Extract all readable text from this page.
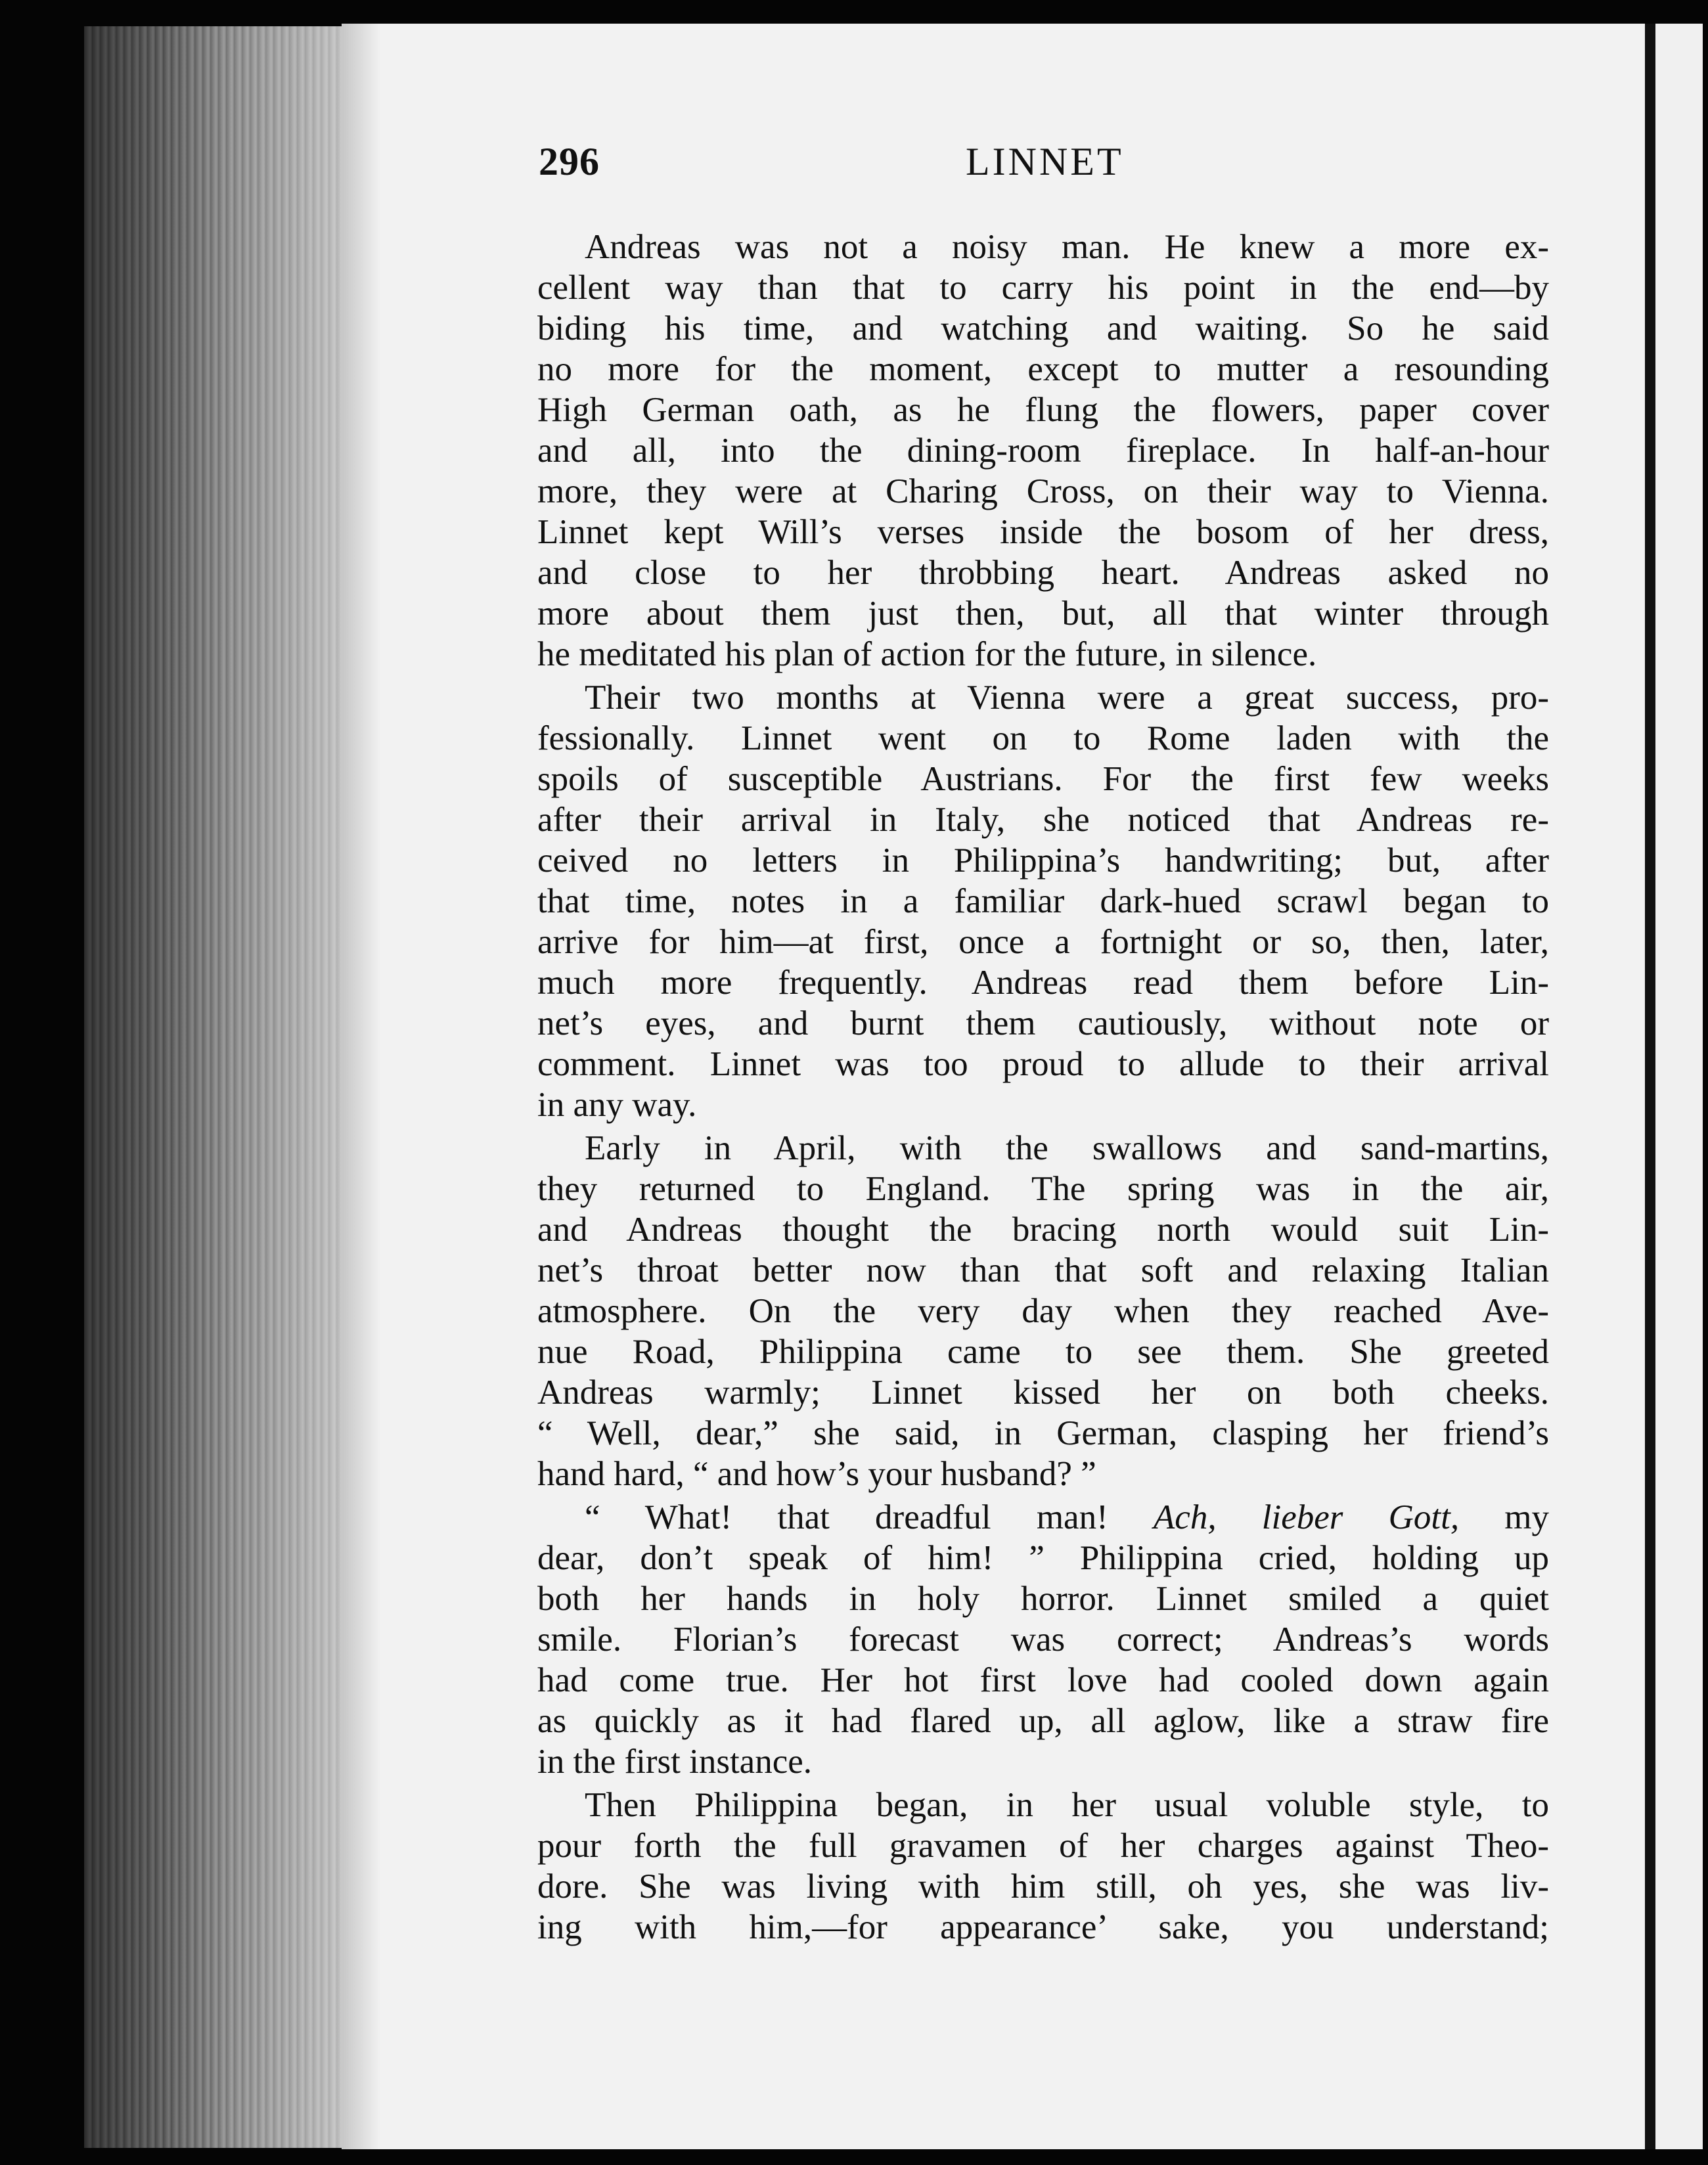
296	LINNET
Andreas was not a noisy man. He knew a more ex-
cellent way than that to carry his point in the end—by
biding his time, and watching and waiting. So he said
no more for the moment, except to mutter a resounding
High German oath, as he flung the flowers, paper cover
and all, into the dining-room fireplace. In half-an-hour
more, they were at Charing Cross, on their way to Vienna.
Linnet kept Will’s verses inside the bosom of her dress,
and close to her throbbing heart. Andreas asked no
more about them just then, but, all that winter through
he meditated his plan of action for the future, in silence.
Their two months at Vienna were a great success, pro-
fessionally. Linnet went on to Rome laden with the
spoils of susceptible Austrians. For the first few weeks
after their arrival in Italy, she noticed that Andreas re-
ceived no letters in Philippina’s handwriting; but, after
that time, notes in a familiar dark-hued scrawl began to
arrive for him—at first, once a fortnight or so, then, later,
much more frequently. Andreas read them before Lin-
net’s eyes, and burnt them cautiously, without note or
comment. Linnet was too proud to allude to their arrival
in any way.
Early in April, with the swallows and sand-martins,
they returned to England. The spring was in the air,
and Andreas thought the bracing north would suit Lin-
net’s throat better now than that soft and relaxing Italian
atmosphere. On the very day when they reached Ave-
nue Road, Philippina came to see them. She greeted
Andreas warmly; Linnet kissed her on both cheeks.
“ Well, dear,” she said, in German, clasping her friend’s
hand hard, “ and how’s your husband? ”
“ What! that dreadful man! Ach, lieber Gott, my
dear, don’t speak of him! ” Philippina cried, holding up
both her hands in holy horror. Linnet smiled a quiet
smile. Florian’s forecast was correct; Andreas’s words
had come true. Her hot first love had cooled down again
as quickly as it had flared up, all aglow, like a straw fire
in the first instance.
Then Philippina began, in her usual voluble style, to
pour forth the full gravamen of her charges against Theo-
dore. She was living with him still, oh yes, she was liv-
ing with him,—for appearance’ sake, you understand;
